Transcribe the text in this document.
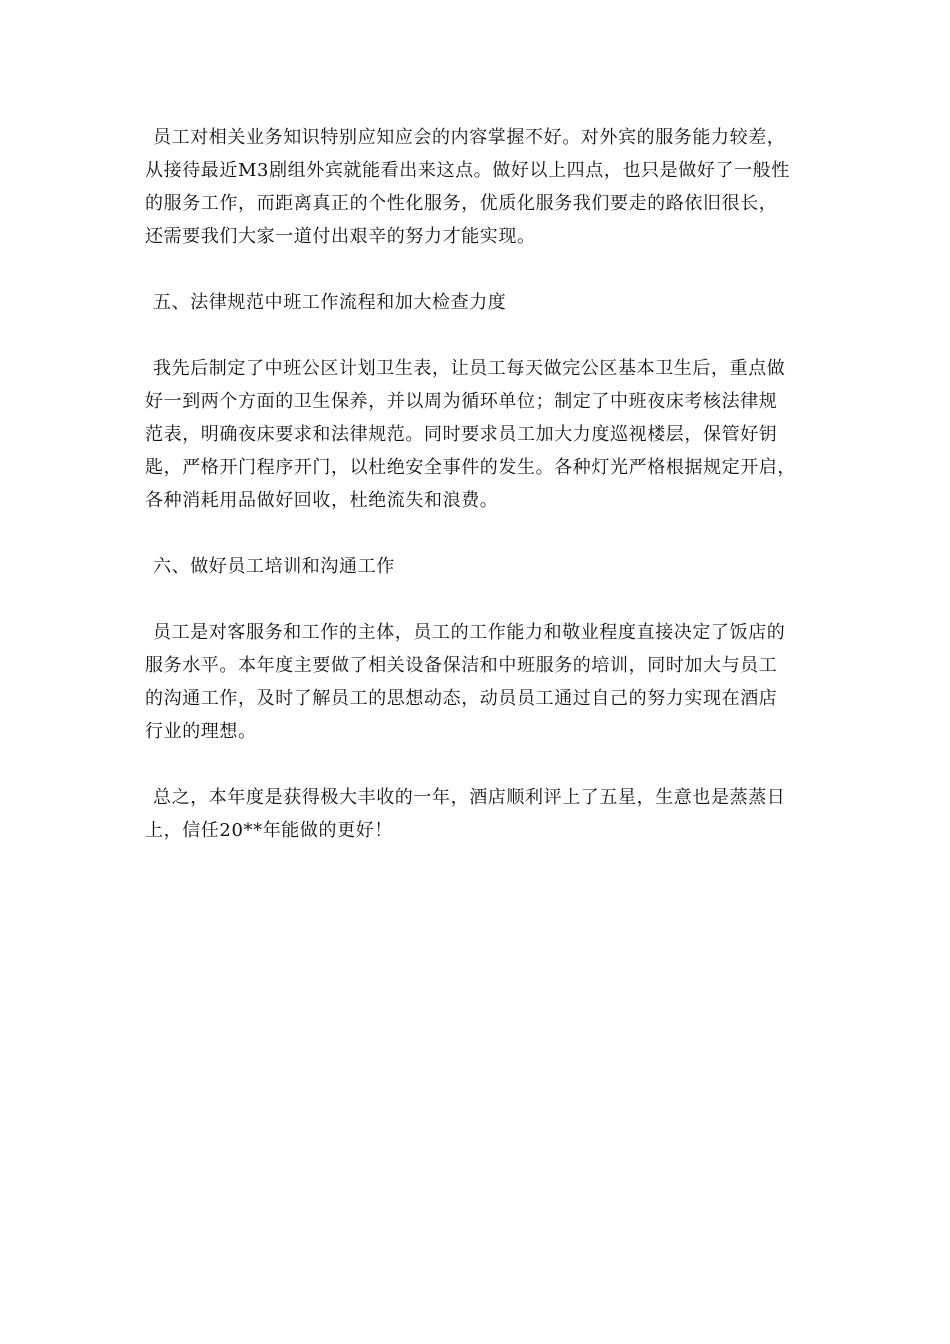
员工对相关业务知识特别应知应会的内容掌握不好。对外宾的服务能力较差，
从接待最近M3剧组外宾就能看出来这点。做好以上四点，也只是做好了一般性
的服务工作，而距离真正的个性化服务，优质化服务我们要走的路依旧很长，
还需要我们大家一道付出艰辛的努力才能实现。

五、法律规范中班工作流程和加大检查力度

我先后制定了中班公区计划卫生表，让员工每天做完公区基本卫生后，重点做
好一到两个方面的卫生保养，并以周为循环单位；制定了中班夜床考核法律规
范表，明确夜床要求和法律规范。同时要求员工加大力度巡视楼层，保管好钥
匙，严格开门程序开门，以杜绝安全事件的发生。各种灯光严格根据规定开启，
各种消耗用品做好回收，杜绝流失和浪费。

六、做好员工培训和沟通工作

员工是对客服务和工作的主体，员工的工作能力和敬业程度直接决定了饭店的
服务水平。本年度主要做了相关设备保洁和中班服务的培训，同时加大与员工
的沟通工作，及时了解员工的思想动态，动员员工通过自己的努力实现在酒店
行业的理想。

总之，本年度是获得极大丰收的一年，酒店顺利评上了五星，生意也是蒸蒸日
上，信任20**年能做的更好！
